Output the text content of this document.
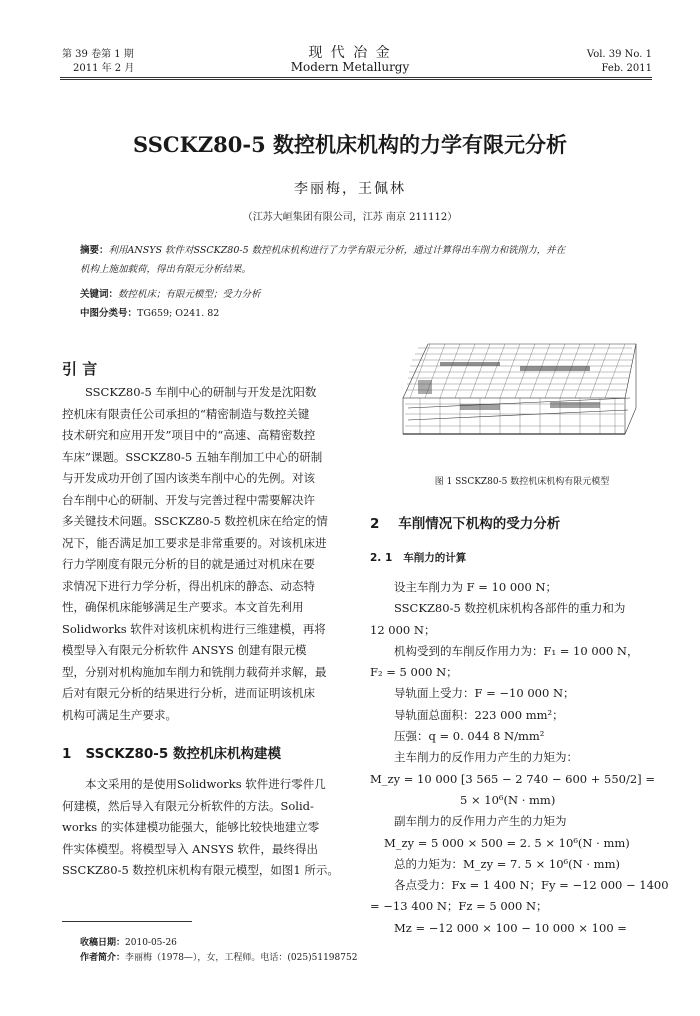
第 39 卷第 1 期
2011 年 2 月
现 代 冶 金
Modern Metallurgy
Vol. 39 No. 1
Feb. 2011
SSCKZ80-5 数控机床机构的力学有限元分析
李丽梅，王佩林
（江苏大峘集团有限公司，江苏 南京 211112）
摘要：利用ANSYS 软件对SSCKZ80-5 数控机床机构进行了力学有限元分析，通过计算得出车削力和铣削力，并在
机构上施加载荷，得出有限元分析结果。
关键词：数控机床；有限元模型；受力分析
中图分类号：TG659; O241. 82
引 言

SSCKZ80-5 车削中心的研制与开发是沈阳数

控机床有限责任公司承担的“精密制造与数控关键

技术研究和应用开发”项目中的“高速、高精密数控

车床”课题。SSCKZ80-5 五轴车削加工中心的研制

与开发成功开创了国内该类车削中心的先例。对该

台车削中心的研制、开发与完善过程中需要解决许

多关键技术问题。SSCKZ80-5 数控机床在给定的情

况下，能否满足加工要求是非常重要的。对该机床进

行力学刚度有限元分析的目的就是通过对机床在要

求情况下进行力学分析，得出机床的静态、动态特

性，确保机床能够满足生产要求。本文首先利用

Solidworks 软件对该机床机构进行三维建模，再将

模型导入有限元分析软件 ANSYS 创建有限元模

型，分别对机构施加车削力和铣削力载荷并求解，最

后对有限元分析的结果进行分析，进而证明该机床

机构可满足生产要求。

1 SSCKZ80-5 数控机床机构建模

本文采用的是使用Solidworks 软件进行零件几

何建模，然后导入有限元分析软件的方法。Solid-

works 的实体建模功能强大，能够比较快地建立零

件实体模型。将模型导入 ANSYS 软件，最终得出

SSCKZ80-5 数控机床机构有限元模型，如图1 所示。

收稿日期：2010-05-26
作者简介：李丽梅（1978—），女，工程师。电话：(025)51198752
图 1 SSCKZ80-5 数控机床机构有限元模型
2 车削情况下机构的受力分析
2. 1 车削力的计算

设主车削力为 F = 10 000 N；

SSCKZ80-5 数控机床机构各部件的重力和为

12 000 N；

机构受到的车削反作用力为：F₁ = 10 000 N，

F₂ = 5 000 N；

导轨面上受力：F = −10 000 N；

导轨面总面积：223 000 mm²；

压强：q = 0. 044 8 N/mm²

主车削力的反作用力产生的力矩为：

M_zy = 10 000 [3 565 − 2 740 − 600 + 550/2] =

5 × 10⁶(N · mm)

副车削力的反作用力产生的力矩为

M_zy = 5 000 × 500 = 2. 5 × 10⁶(N · mm)

总的力矩为：M_zy = 7. 5 × 10⁶(N · mm)

各点受力：Fx = 1 400 N；Fy = −12 000 − 1400

= −13 400 N；Fz = 5 000 N；

Mz = −12 000 × 100 − 10 000 × 100 =
